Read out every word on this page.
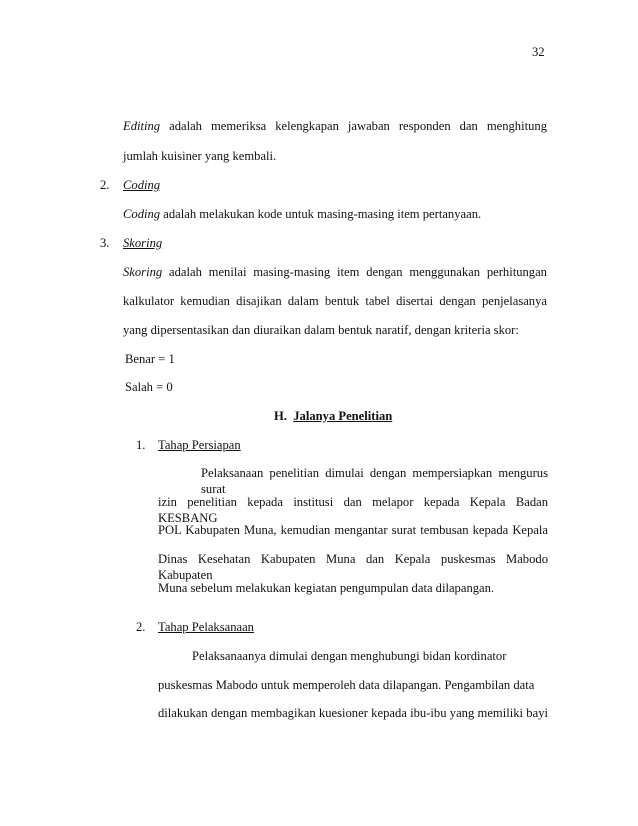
32
Editing adalah memeriksa kelengkapan jawaban responden dan menghitung
jumlah kuisiner yang kembali.
2. Coding
Coding adalah melakukan kode untuk masing-masing item pertanyaan.
3. Skoring
Skoring adalah menilai masing-masing item dengan menggunakan perhitungan
kalkulator kemudian disajikan dalam bentuk tabel disertai dengan penjelasanya
yang dipersentasikan dan diuraikan dalam bentuk naratif, dengan kriteria skor:
Benar = 1
Salah = 0
H. Jalanya Penelitian
1. Tahap Persiapan
Pelaksanaan penelitian dimulai dengan mempersiapkan mengurus surat
izin penelitian kepada institusi dan melapor kepada Kepala Badan KESBANG
POL Kabupaten Muna, kemudian mengantar surat tembusan kepada Kepala
Dinas Kesehatan Kabupaten Muna dan Kepala puskesmas Mabodo Kabupaten
Muna sebelum melakukan kegiatan pengumpulan data dilapangan.
2. Tahap Pelaksanaan
Pelaksanaanya dimulai dengan menghubungi bidan kordinator
puskesmas Mabodo untuk memperoleh data dilapangan. Pengambilan data
dilakukan dengan membagikan kuesioner kepada ibu-ibu yang memiliki bayi
